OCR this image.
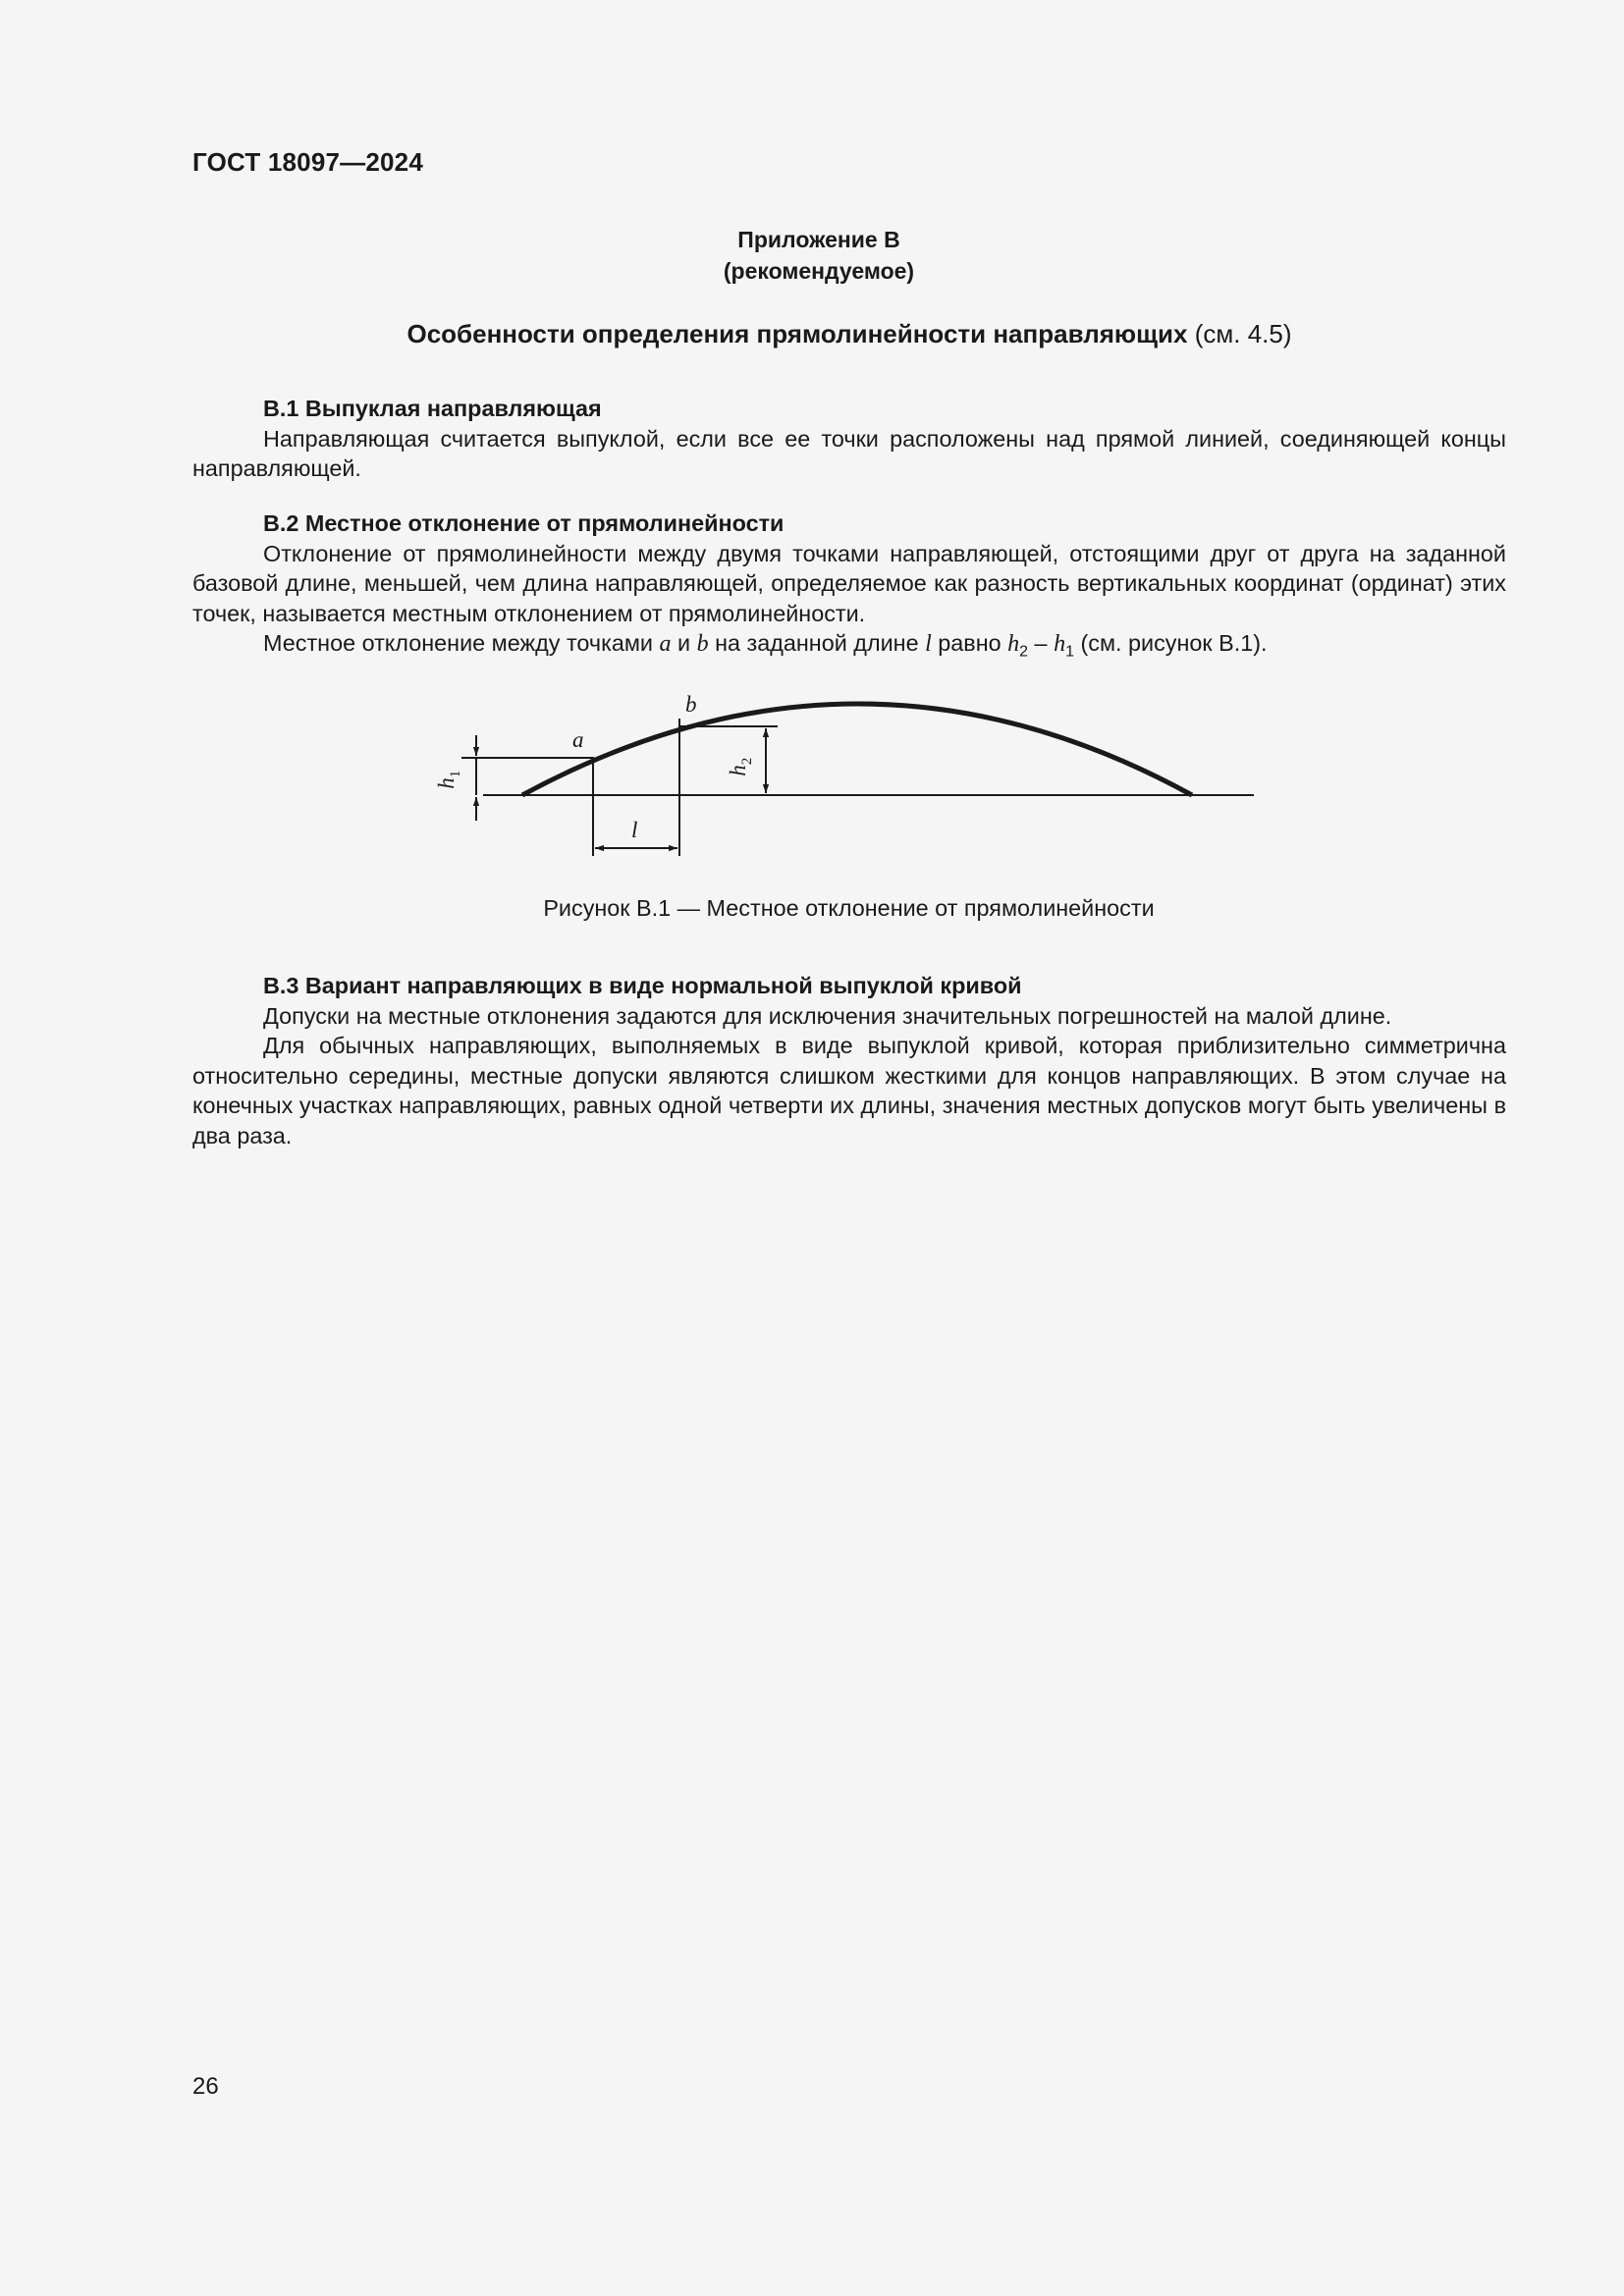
ГОСТ 18097—2024
Приложение В
(рекомендуемое)
Особенности определения прямолинейности направляющих (см. 4.5)

В.1 Выпуклая направляющая

Направляющая считается выпуклой, если все ее точки расположены над прямой линией, соединяющей концы направляющей.

В.2 Местное отклонение от прямолинейности

Отклонение от прямолинейности между двумя точками направляющей, отстоящими друг от друга на заданной базовой длине, меньшей, чем длина направляющей, определяемое как разность вертикальных координат (ординат) этих точек, называется местным отклонением от прямолинейности.

Местное отклонение между точками a и b на заданной длине l равно $h_2 - h_1$ (см. рисунок В.1).

a
b
l
$h_1$	$h_2$
Рисунок В.1 — Местное отклонение от прямолинейности

В.3 Вариант направляющих в виде нормальной выпуклой кривой

Допуски на местные отклонения задаются для исключения значительных погрешностей на малой длине.

Для обычных направляющих, выполняемых в виде выпуклой кривой, которая приблизительно симметрична относительно середины, местные допуски являются слишком жесткими для концов направляющих. В этом случае на конечных участках направляющих, равных одной четверти их длины, значения местных допусков могут быть увеличены в два раза.

26
